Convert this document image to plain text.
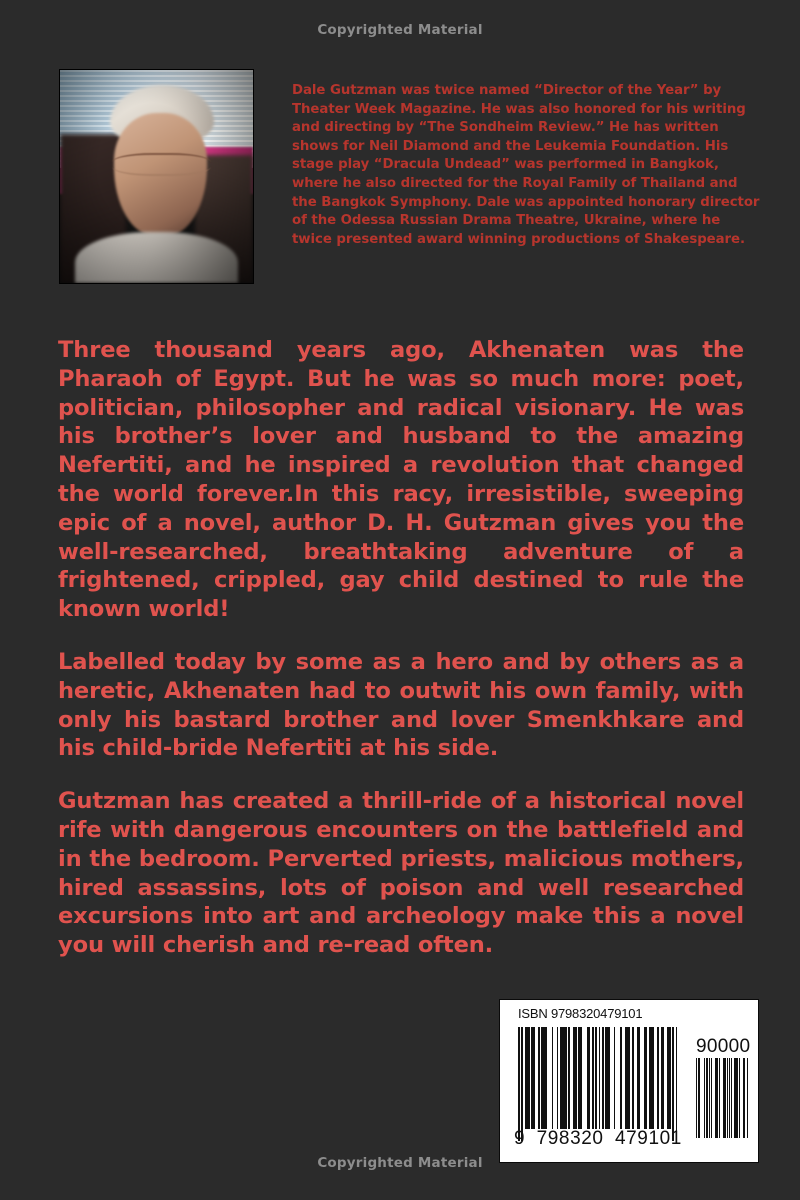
Copyrighted Material
Dale Gutzman was twice named “Director of the Year” by Theater Week Magazine. He was also honored for his writing and directing by “The Sondheim Review.” He has written shows for Neil Diamond and the Leukemia Foundation. His stage play “Dracula Undead” was performed in Bangkok, where he also directed for the Royal Family of Thailand and the Bangkok Symphony. Dale was appointed honorary director of the Odessa Russian Drama Theatre, Ukraine, where he twice presented award winning productions of Shakespeare.

Three thousand years ago, Akhenaten was the Pharaoh of Egypt. But he was so much more: poet, politician, philosopher and radical visionary. He was his brother’s lover and husband to the amazing Nefertiti, and he inspired a revolution that changed the world forever.In this racy, irresistible, sweeping epic of a novel, author D. H. Gutzman gives you the well-researched, breathtaking adventure of a frightened, crippled, gay child destined to rule the known world!

Labelled today by some as a hero and by others as a heretic, Akhenaten had to outwit his own family, with only his bastard brother and lover Smenkhkare and his child-bride Nefertiti at his side.

Gutzman has created a thrill-ride of a historical novel rife with dangerous encounters on the battlefield and in the bedroom. Perverted priests, malicious mothers, hired assassins, lots of poison and well researched excursions into art and archeology make this a novel you will cherish and re-read often.

Copyrighted Material
ISBN 9798320479101
9 798320 479101
90000
